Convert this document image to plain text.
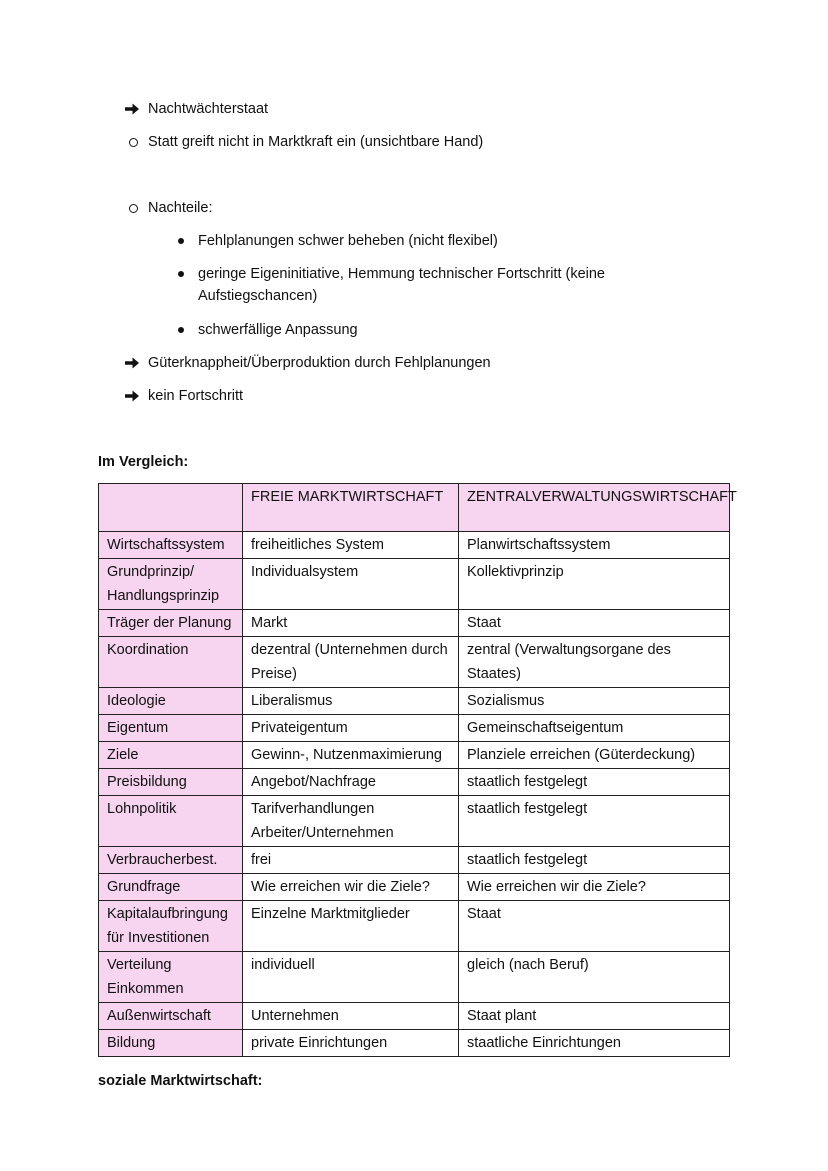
Nachtwächterstaat
Statt greift nicht in Marktkraft ein (unsichtbare Hand)
Nachteile:
Fehlplanungen schwer beheben (nicht flexibel)
geringe Eigeninitiative, Hemmung technischer Fortschritt (keine
Aufstiegschancen)
schwerfällige Anpassung
Güterknappheit/Überproduktion durch Fehlplanungen
kein Fortschritt
Im Vergleich:
	FREIE MARKTWIRTSCHAFT	ZENTRALVERWALTUNGSWIRTSCHAFT
Wirtschaftssystem	freiheitliches System	Planwirtschaftssystem
Grundprinzip/ Handlungsprinzip	Individualsystem	Kollektivprinzip
Träger der Planung	Markt	Staat
Koordination	dezentral (Unternehmen durch Preise)	zentral (Verwaltungsorgane des Staates)
Ideologie	Liberalismus	Sozialismus
Eigentum	Privateigentum	Gemeinschaftseigentum
Ziele	Gewinn-, Nutzenmaximierung	Planziele erreichen (Güterdeckung)
Preisbildung	Angebot/Nachfrage	staatlich festgelegt
Lohnpolitik	Tarifverhandlungen Arbeiter/Unternehmen	staatlich festgelegt
Verbraucherbest.	frei	staatlich festgelegt
Grundfrage	Wie erreichen wir die Ziele?	Wie erreichen wir die Ziele?
Kapitalaufbringung für Investitionen	Einzelne Marktmitglieder	Staat
Verteilung Einkommen	individuell	gleich (nach Beruf)
Außenwirtschaft	Unternehmen	Staat plant
Bildung	private Einrichtungen	staatliche Einrichtungen
soziale Marktwirtschaft:
